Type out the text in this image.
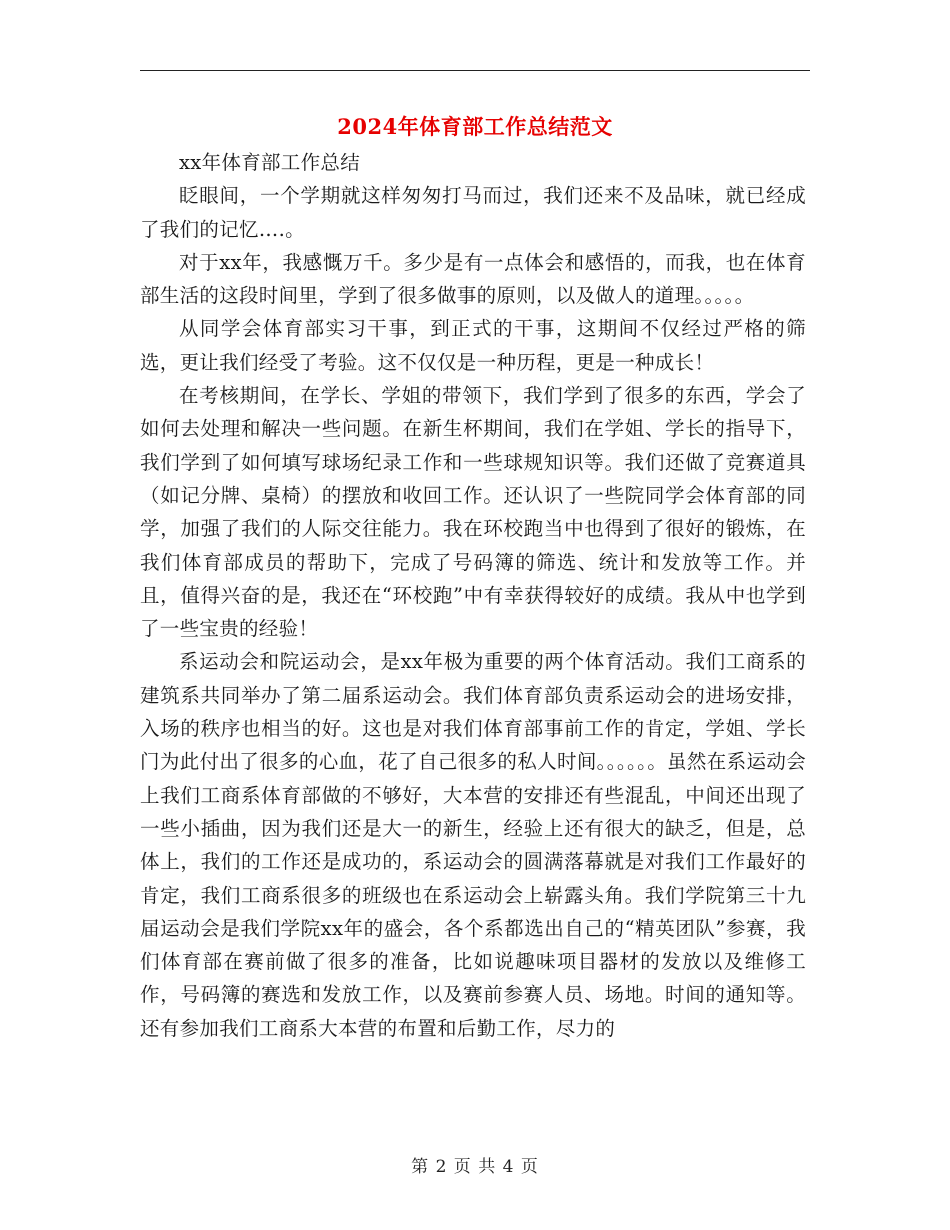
2024年体育部工作总结范文

xx年体育部工作总结

眨眼间，一个学期就这样匆匆打马而过，我们还来不及品味，就已经成了我们的记忆….。

对于xx年，我感慨万千。多少是有一点体会和感悟的，而我，也在体育部生活的这段时间里，学到了很多做事的原则，以及做人的道理。。。。。

从同学会体育部实习干事，到正式的干事，这期间不仅经过严格的筛选，更让我们经受了考验。这不仅仅是一种历程，更是一种成长！

在考核期间，在学长、学姐的带领下，我们学到了很多的东西，学会了如何去处理和解决一些问题。在新生杯期间，我们在学姐、学长的指导下，我们学到了如何填写球场纪录工作和一些球规知识等。我们还做了竞赛道具（如记分牌、桌椅）的摆放和收回工作。还认识了一些院同学会体育部的同学，加强了我们的人际交往能力。我在环校跑当中也得到了很好的锻炼，在我们体育部成员的帮助下，完成了号码簿的筛选、统计和发放等工作。并且，值得兴奋的是，我还在“环校跑”中有幸获得较好的成绩。我从中也学到了一些宝贵的经验！

系运动会和院运动会，是xx年极为重要的两个体育活动。我们工商系的建筑系共同举办了第二届系运动会。我们体育部负责系运动会的进场安排，入场的秩序也相当的好。这也是对我们体育部事前工作的肯定，学姐、学长门为此付出了很多的心血，花了自己很多的私人时间。。。。。。虽然在系运动会上我们工商系体育部做的不够好，大本营的安排还有些混乱，中间还出现了一些小插曲，因为我们还是大一的新生，经验上还有很大的缺乏，但是，总体上，我们的工作还是成功的，系运动会的圆满落幕就是对我们工作最好的肯定，我们工商系很多的班级也在系运动会上崭露头角。我们学院第三十九届运动会是我们学院xx年的盛会，各个系都选出自己的“精英团队”参赛，我们体育部在赛前做了很多的准备，比如说趣味项目器材的发放以及维修工作，号码簿的赛选和发放工作，以及赛前参赛人员、场地。时间的通知等。还有参加我们工商系大本营的布置和后勤工作，尽力的

第 2 页 共 4 页
